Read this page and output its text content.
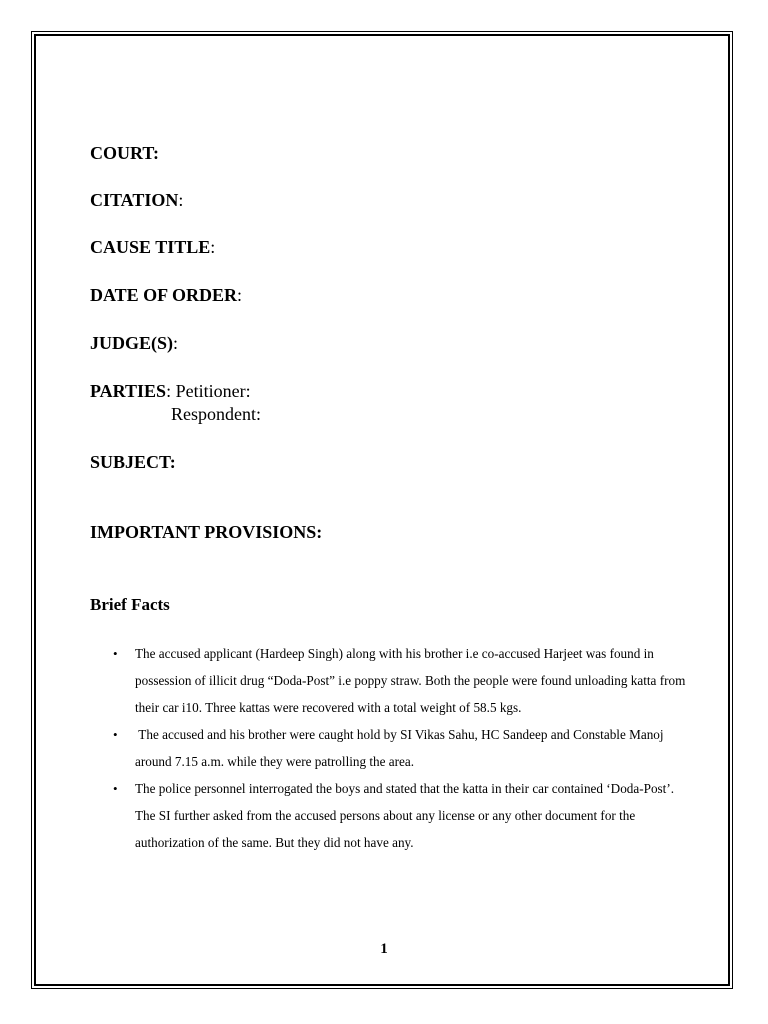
COURT:
CITATION:
CAUSE TITLE:
DATE OF ORDER:
JUDGE(S):
PARTIES: Petitioner:
Respondent:
SUBJECT:
IMPORTANT PROVISIONS:
Brief Facts
• The accused applicant (Hardeep Singh) along with his brother i.e co-accused Harjeet was found in possession of illicit drug “Doda-Post” i.e poppy straw. Both the people were found unloading katta from their car i10. Three kattas were recovered with a total weight of 58.5 kgs.
• The accused and his brother were caught hold by SI Vikas Sahu, HC Sandeep and Constable Manoj around 7.15 a.m. while they were patrolling the area.
• The police personnel interrogated the boys and stated that the katta in their car contained ‘Doda-Post’. The SI further asked from the accused persons about any license or any other document for the authorization of the same. But they did not have any.
1
